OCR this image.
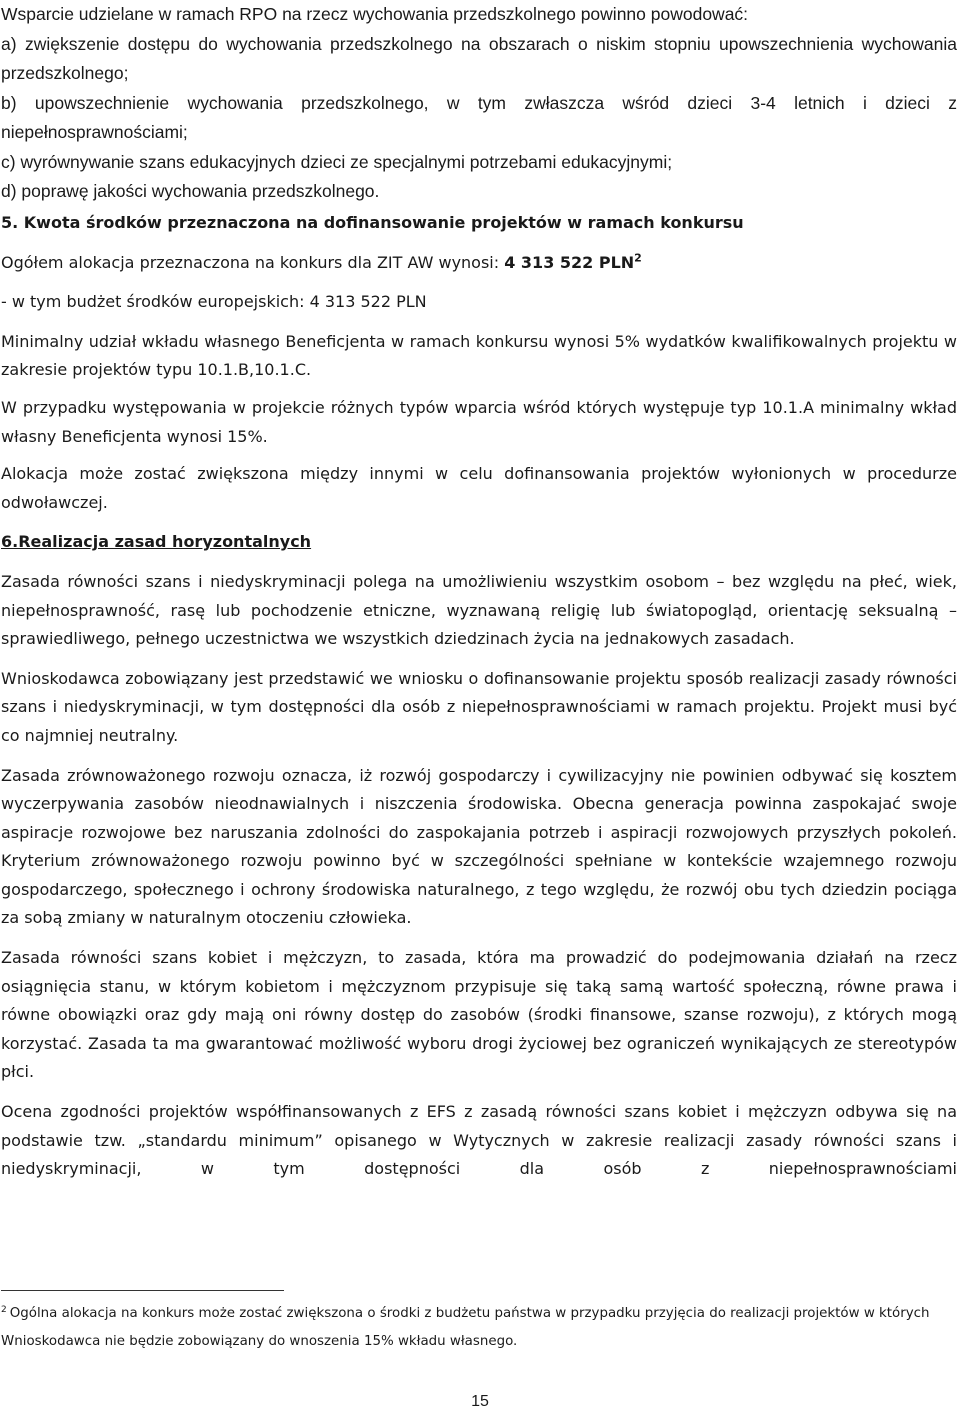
Wsparcie udzielane w ramach RPO na rzecz wychowania przedszkolnego powinno powodować:

a) zwiększenie dostępu do wychowania przedszkolnego na obszarach o niskim stopniu upowszechnienia wychowania przedszkolnego;

b) upowszechnienie wychowania przedszkolnego, w tym zwłaszcza wśród dzieci 3-4 letnich i dzieci z niepełnosprawnościami;

c) wyrównywanie szans edukacyjnych dzieci ze specjalnymi potrzebami edukacyjnymi;

d) poprawę jakości wychowania przedszkolnego.

5. Kwota środków przeznaczona na dofinansowanie projektów w ramach konkursu

Ogółem alokacja przeznaczona na konkurs dla ZIT AW wynosi: 4 313 522 PLN$^2$

- w tym budżet środków europejskich: 4 313 522 PLN

Minimalny udział wkładu własnego Beneficjenta w ramach konkursu wynosi 5% wydatków kwalifikowalnych projektu w zakresie projektów typu 10.1.B,10.1.C.

W przypadku występowania w projekcie różnych typów wparcia wśród których występuje typ 10.1.A minimalny wkład własny Beneficjenta wynosi 15%.

Alokacja może zostać zwiększona między innymi w celu dofinansowania projektów wyłonionych w procedurze odwoławczej.

6.Realizacja zasad horyzontalnych

Zasada równości szans i niedyskryminacji polega na umożliwieniu wszystkim osobom – bez względu na płeć, wiek, niepełnosprawność, rasę lub pochodzenie etniczne, wyznawaną religię lub światopogląd, orientację seksualną – sprawiedliwego, pełnego uczestnictwa we wszystkich dziedzinach życia na jednakowych zasadach.

Wnioskodawca zobowiązany jest przedstawić we wniosku o dofinansowanie projektu sposób realizacji zasady równości szans i niedyskryminacji, w tym dostępności dla osób z niepełnosprawnościami w ramach projektu. Projekt musi być co najmniej neutralny.

Zasada zrównoważonego rozwoju oznacza, iż rozwój gospodarczy i cywilizacyjny nie powinien odbywać się kosztem wyczerpywania zasobów nieodnawialnych i niszczenia środowiska. Obecna generacja powinna zaspokajać swoje aspiracje rozwojowe bez naruszania zdolności do zaspokajania potrzeb i aspiracji rozwojowych przyszłych pokoleń. Kryterium zrównoważonego rozwoju powinno być w szczególności spełniane w kontekście wzajemnego rozwoju gospodarczego, społecznego i ochrony środowiska naturalnego, z tego względu, że rozwój obu tych dziedzin pociąga za sobą zmiany w naturalnym otoczeniu człowieka.

Zasada równości szans kobiet i mężczyzn, to zasada, która ma prowadzić do podejmowania działań na rzecz osiągnięcia stanu, w którym kobietom i mężczyznom przypisuje się taką samą wartość społeczną, równe prawa i równe obowiązki oraz gdy mają oni równy dostęp do zasobów (środki finansowe, szanse rozwoju), z których mogą korzystać. Zasada ta ma gwarantować możliwość wyboru drogi życiowej bez ograniczeń wynikających ze stereotypów płci.

Ocena zgodności projektów współfinansowanych z EFS z zasadą równości szans kobiet i mężczyzn odbywa się na podstawie tzw. „standardu minimum” opisanego w Wytycznych w zakresie realizacji zasady równości szans i niedyskryminacji, w tym dostępności dla osób z niepełnosprawnościami

$^2$ Ogólna alokacja na konkurs może zostać zwiększona o środki z budżetu państwa w przypadku przyjęcia do realizacji projektów w których Wnioskodawca nie będzie zobowiązany do wnoszenia 15% wkładu własnego.

15
